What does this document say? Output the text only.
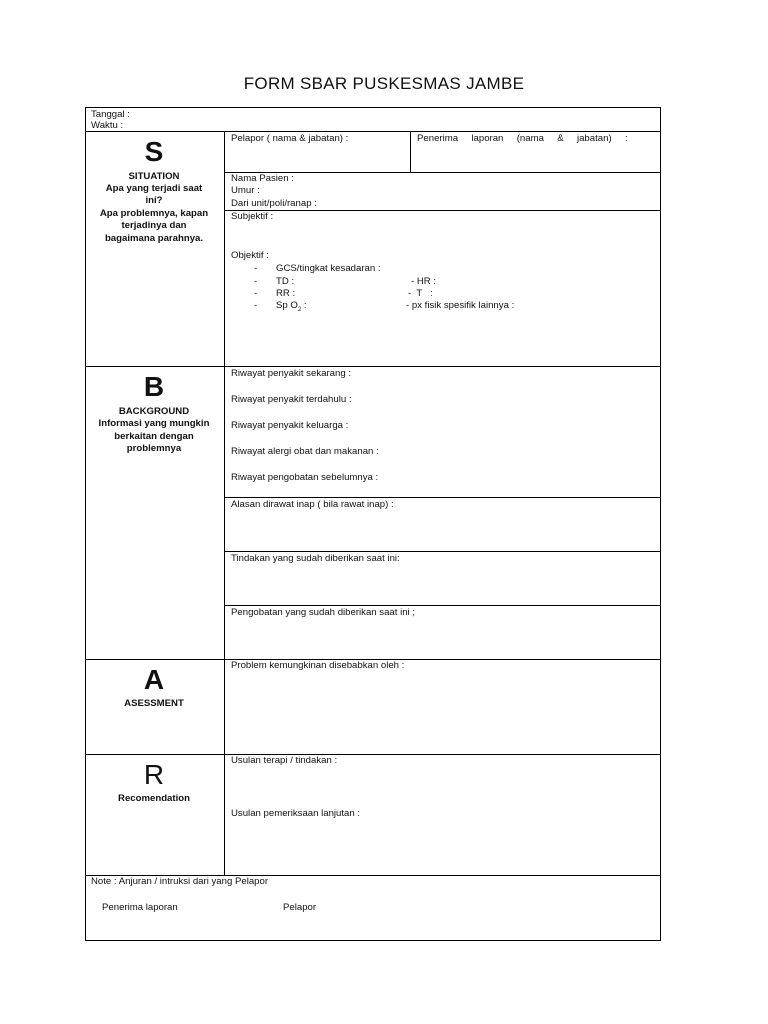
FORM SBAR PUSKESMAS JAMBE
Tanggal :
Waktu :
S
SITUATION
Apa yang terjadi saat
ini?
Apa problemnya, kapan
terjadinya dan
bagaimana parahnya.
Pelapor ( nama & jabatan) :	Penerima     laporan     (nama     &     jabatan)     :
Nama Pasien :
Umur :
Dari unit/poli/ranap :
Subjektif :
Objektif :
- GCS/tingkat kesadaran :
- TD :	- HR :
- RR :	-  T   :
- Sp $O_2$ :	- px fisik spesifik lainnya :
B
BACKGROUND
Informasi yang mungkin
berkaitan dengan
problemnya
Riwayat penyakit sekarang :
Riwayat penyakit terdahulu :
Riwayat penyakit keluarga :
Riwayat alergi obat dan makanan :
Riwayat pengobatan sebelumnya :
Alasan dirawat inap ( bila rawat inap) :
Tindakan yang sudah diberikan saat ini:
Pengobatan yang sudah diberikan saat ini ;
A
ASESSMENT
Problem kemungkinan disebabkan oleh :
R
Recomendation
Usulan terapi / tindakan :
Usulan pemeriksaan lanjutan :
Note : Anjuran / intruksi dari yang Pelapor
Penerima laporan	Pelapor
